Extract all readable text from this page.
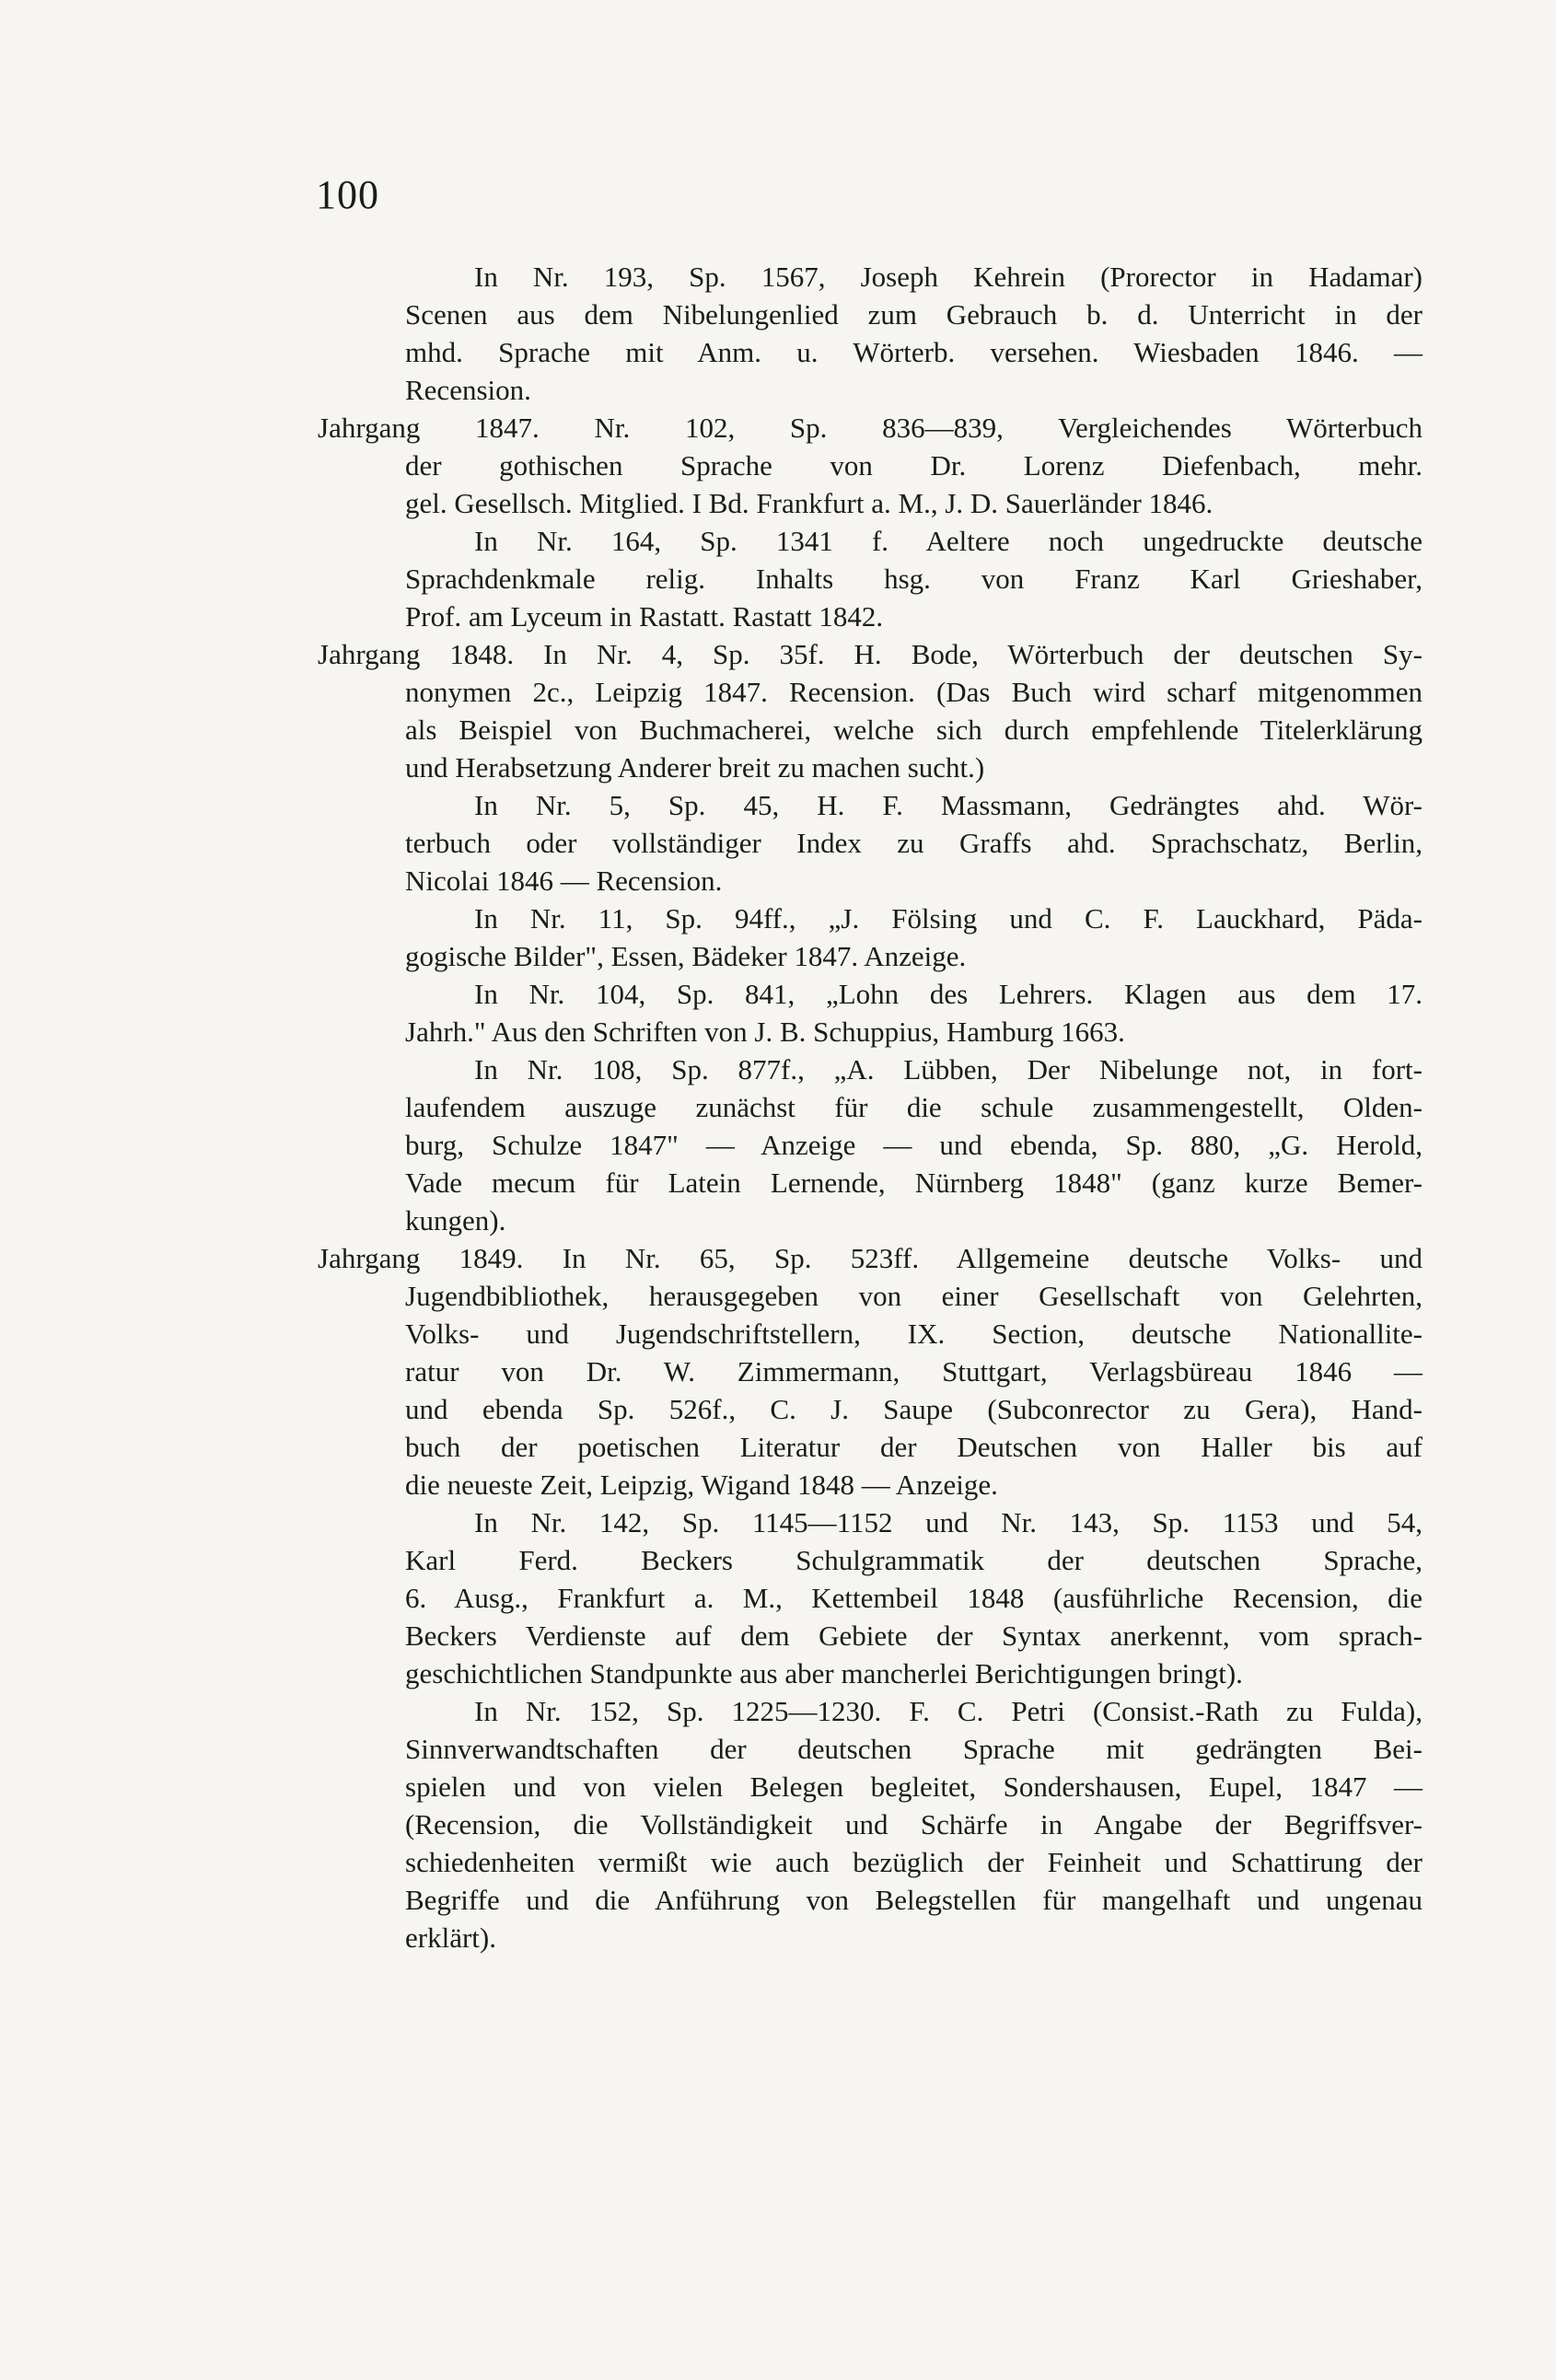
100
In Nr. 193, Sp. 1567, Joseph Kehrein (Prorector in Hadamar)
Scenen aus dem Nibelungenlied zum Gebrauch b. d. Unterricht in der
mhd. Sprache mit Anm. u. Wörterb. versehen. Wiesbaden 1846. —
Recension.
Jahrgang 1847. Nr. 102, Sp. 836—839, Vergleichendes Wörterbuch
der gothischen Sprache von Dr. Lorenz Diefenbach, mehr.
gel. Gesellsch. Mitglied. I Bd. Frankfurt a. M., J. D. Sauerländer 1846.
In Nr. 164, Sp. 1341 f. Aeltere noch ungedruckte deutsche
Sprachdenkmale relig. Inhalts hsg. von Franz Karl Grieshaber,
Prof. am Lyceum in Rastatt. Rastatt 1842.
Jahrgang 1848. In Nr. 4, Sp. 35f. H. Bode, Wörterbuch der deutschen Sy-
nonymen 2c., Leipzig 1847. Recension. (Das Buch wird scharf mitgenommen
als Beispiel von Buchmacherei, welche sich durch empfehlende Titelerklärung
und Herabsetzung Anderer breit zu machen sucht.)
In Nr. 5, Sp. 45, H. F. Massmann, Gedrängtes ahd. Wör-
terbuch oder vollständiger Index zu Graffs ahd. Sprachschatz, Berlin,
Nicolai 1846 — Recension.
In Nr. 11, Sp. 94ff., „J. Fölsing und C. F. Lauckhard, Päda-
gogische Bilder", Essen, Bädeker 1847. Anzeige.
In Nr. 104, Sp. 841, „Lohn des Lehrers. Klagen aus dem 17.
Jahrh." Aus den Schriften von J. B. Schuppius, Hamburg 1663.
In Nr. 108, Sp. 877f., „A. Lübben, Der Nibelunge not, in fort-
laufendem auszuge zunächst für die schule zusammengestellt, Olden-
burg, Schulze 1847" — Anzeige — und ebenda, Sp. 880, „G. Herold,
Vade mecum für Latein Lernende, Nürnberg 1848" (ganz kurze Bemer-
kungen).
Jahrgang 1849. In Nr. 65, Sp. 523ff. Allgemeine deutsche Volks- und
Jugendbibliothek, herausgegeben von einer Gesellschaft von Gelehrten,
Volks- und Jugendschriftstellern, IX. Section, deutsche Nationallite-
ratur von Dr. W. Zimmermann, Stuttgart, Verlagsbüreau 1846 —
und ebenda Sp. 526f., C. J. Saupe (Subconrector zu Gera), Hand-
buch der poetischen Literatur der Deutschen von Haller bis auf
die neueste Zeit, Leipzig, Wigand 1848 — Anzeige.
In Nr. 142, Sp. 1145—1152 und Nr. 143, Sp. 1153 und 54,
Karl Ferd. Beckers Schulgrammatik der deutschen Sprache,
6. Ausg., Frankfurt a. M., Kettembeil 1848 (ausführliche Recension, die
Beckers Verdienste auf dem Gebiete der Syntax anerkennt, vom sprach-
geschichtlichen Standpunkte aus aber mancherlei Berichtigungen bringt).
In Nr. 152, Sp. 1225—1230. F. C. Petri (Consist.-Rath zu Fulda),
Sinnverwandtschaften der deutschen Sprache mit gedrängten Bei-
spielen und von vielen Belegen begleitet, Sondershausen, Eupel, 1847 —
(Recension, die Vollständigkeit und Schärfe in Angabe der Begriffsver-
schiedenheiten vermißt wie auch bezüglich der Feinheit und Schattirung der
Begriffe und die Anführung von Belegstellen für mangelhaft und ungenau
erklärt).
